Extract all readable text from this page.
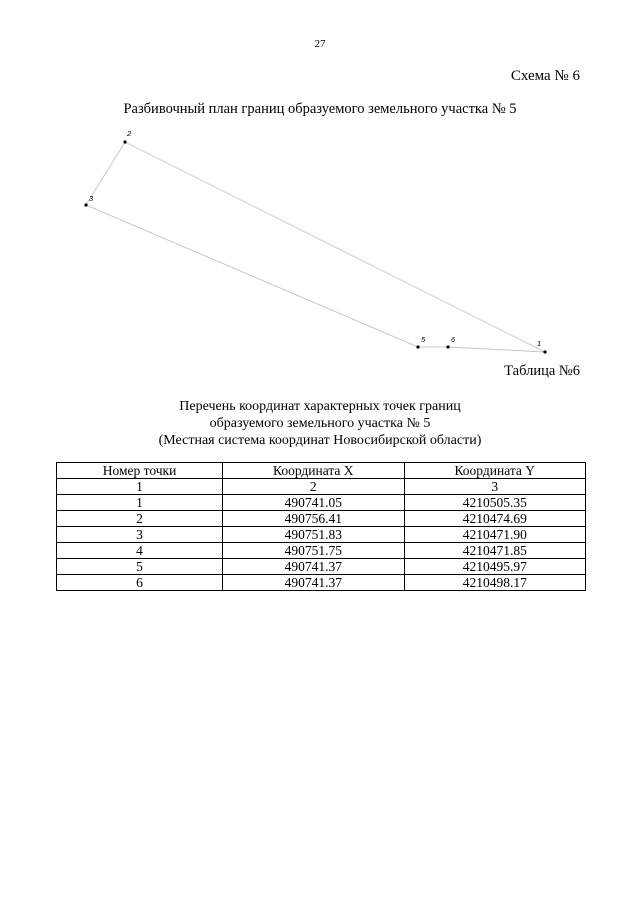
27
Схема № 6
Разбивочный план границ образуемого земельного участка № 5
1
2
3
5	6
Таблица №6
Перечень координат характерных точек границ
образуемого земельного участка № 5
(Местная система координат Новосибирской области)
Номер точки	Координата X	Координата Y
1	2	3
1	490741.05	4210505.35
2	490756.41	4210474.69
3	490751.83	4210471.90
4	490751.75	4210471.85
5	490741.37	4210495.97
6	490741.37	4210498.17
